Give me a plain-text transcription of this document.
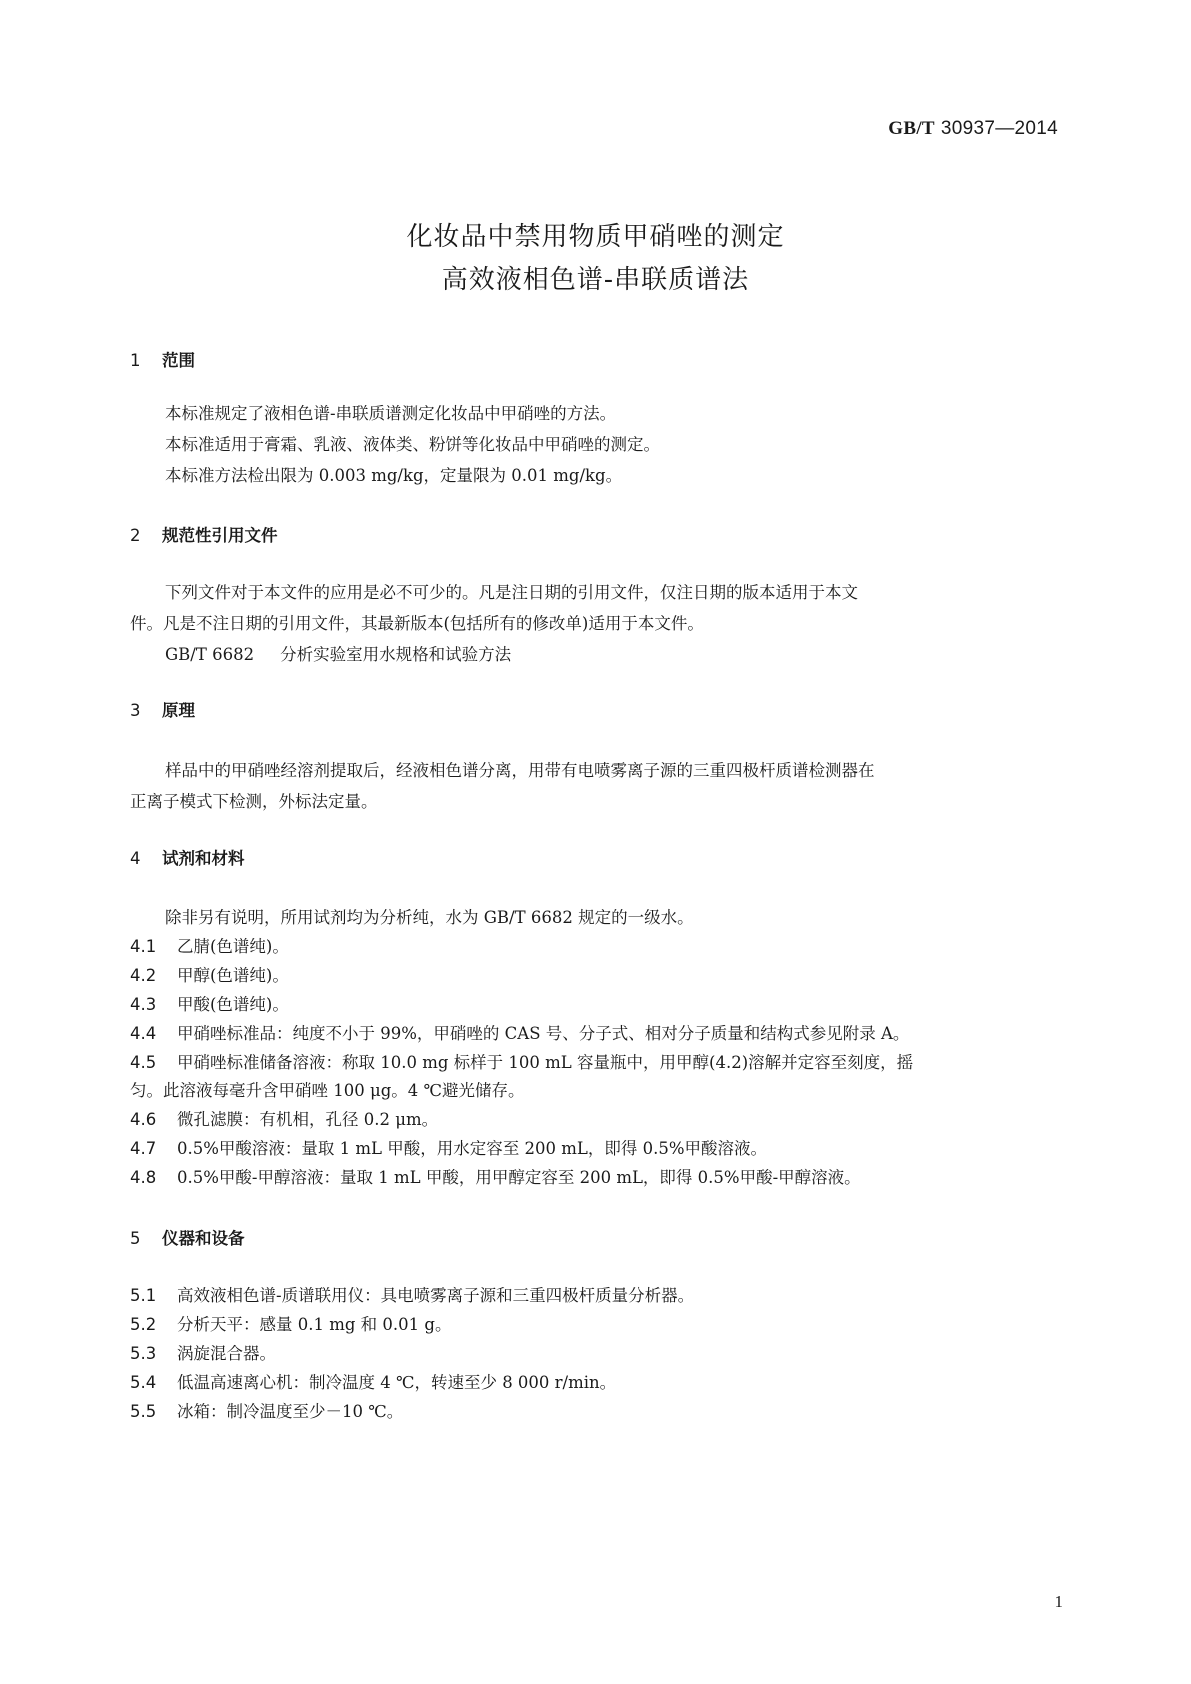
GB/T 30937—2014
化妆品中禁用物质甲硝唑的测定
高效液相色谱-串联质谱法
1 范围
本标准规定了液相色谱-串联质谱测定化妆品中甲硝唑的方法。
本标准适用于膏霜、乳液、液体类、粉饼等化妆品中甲硝唑的测定。
本标准方法检出限为 0.003 mg/kg，定量限为 0.01 mg/kg。
2 规范性引用文件
下列文件对于本文件的应用是必不可少的。凡是注日期的引用文件，仅注日期的版本适用于本文
件。凡是不注日期的引用文件，其最新版本(包括所有的修改单)适用于本文件。
GB/T 6682 分析实验室用水规格和试验方法
3 原理
样品中的甲硝唑经溶剂提取后，经液相色谱分离，用带有电喷雾离子源的三重四极杆质谱检测器在
正离子模式下检测，外标法定量。
4 试剂和材料
除非另有说明，所用试剂均为分析纯，水为 GB/T 6682 规定的一级水。
4.1 乙腈(色谱纯)。
4.2 甲醇(色谱纯)。
4.3 甲酸(色谱纯)。
4.4 甲硝唑标准品：纯度不小于 99%，甲硝唑的 CAS 号、分子式、相对分子质量和结构式参见附录 A。
4.5 甲硝唑标准储备溶液：称取 10.0 mg 标样于 100 mL 容量瓶中，用甲醇(4.2)溶解并定容至刻度，摇
匀。此溶液每毫升含甲硝唑 100 μg。4 ℃避光储存。
4.6 微孔滤膜：有机相，孔径 0.2 μm。
4.7 0.5%甲酸溶液：量取 1 mL 甲酸，用水定容至 200 mL，即得 0.5%甲酸溶液。
4.8 0.5%甲酸-甲醇溶液：量取 1 mL 甲酸，用甲醇定容至 200 mL，即得 0.5%甲酸-甲醇溶液。
5 仪器和设备
5.1 高效液相色谱-质谱联用仪：具电喷雾离子源和三重四极杆质量分析器。
5.2 分析天平：感量 0.1 mg 和 0.01 g。
5.3 涡旋混合器。
5.4 低温高速离心机：制冷温度 4 ℃，转速至少 8 000 r/min。
5.5 冰箱：制冷温度至少－10 ℃。
1
